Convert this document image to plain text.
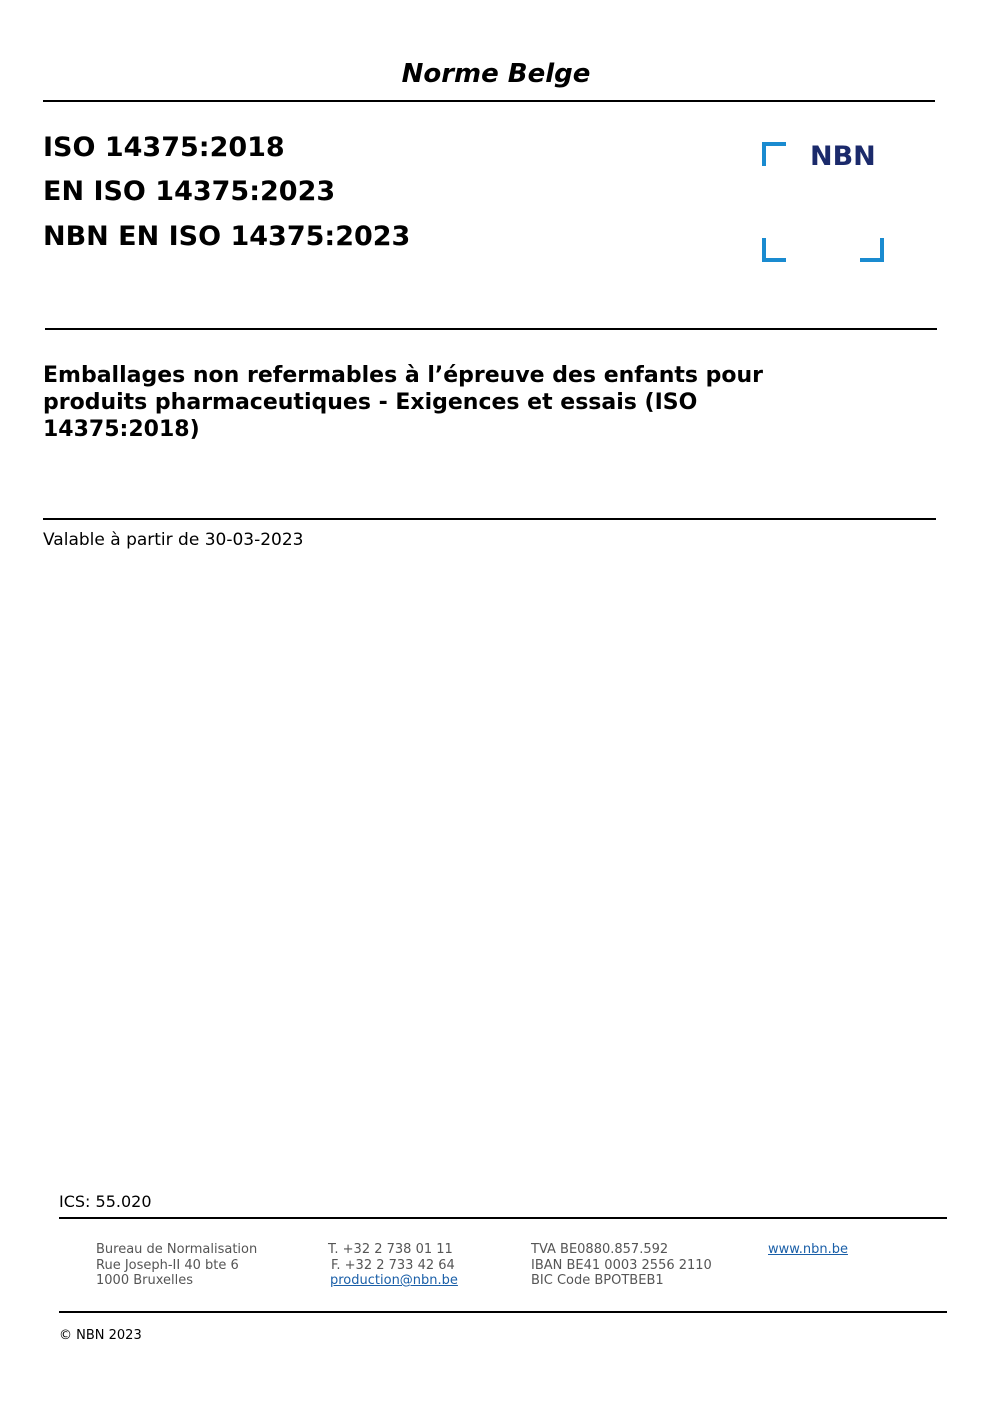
Norme Belge
ISO 14375:2018
EN ISO 14375:2023
NBN EN ISO 14375:2023
NBN
Emballages non refermables à l’épreuve des enfants pour produits pharmaceutiques - Exigences et essais (ISO 14375:2018)
Valable à partir de 30-03-2023
ICS: 55.020
Bureau de Normalisation
Rue Joseph-II 40 bte 6
1000 Bruxelles
T. +32 2 738 01 11
F. +32 2 733 42 64
production@nbn.be
TVA BE0880.857.592
IBAN BE41 0003 2556 2110
BIC Code BPOTBEB1
www.nbn.be
© NBN 2023
